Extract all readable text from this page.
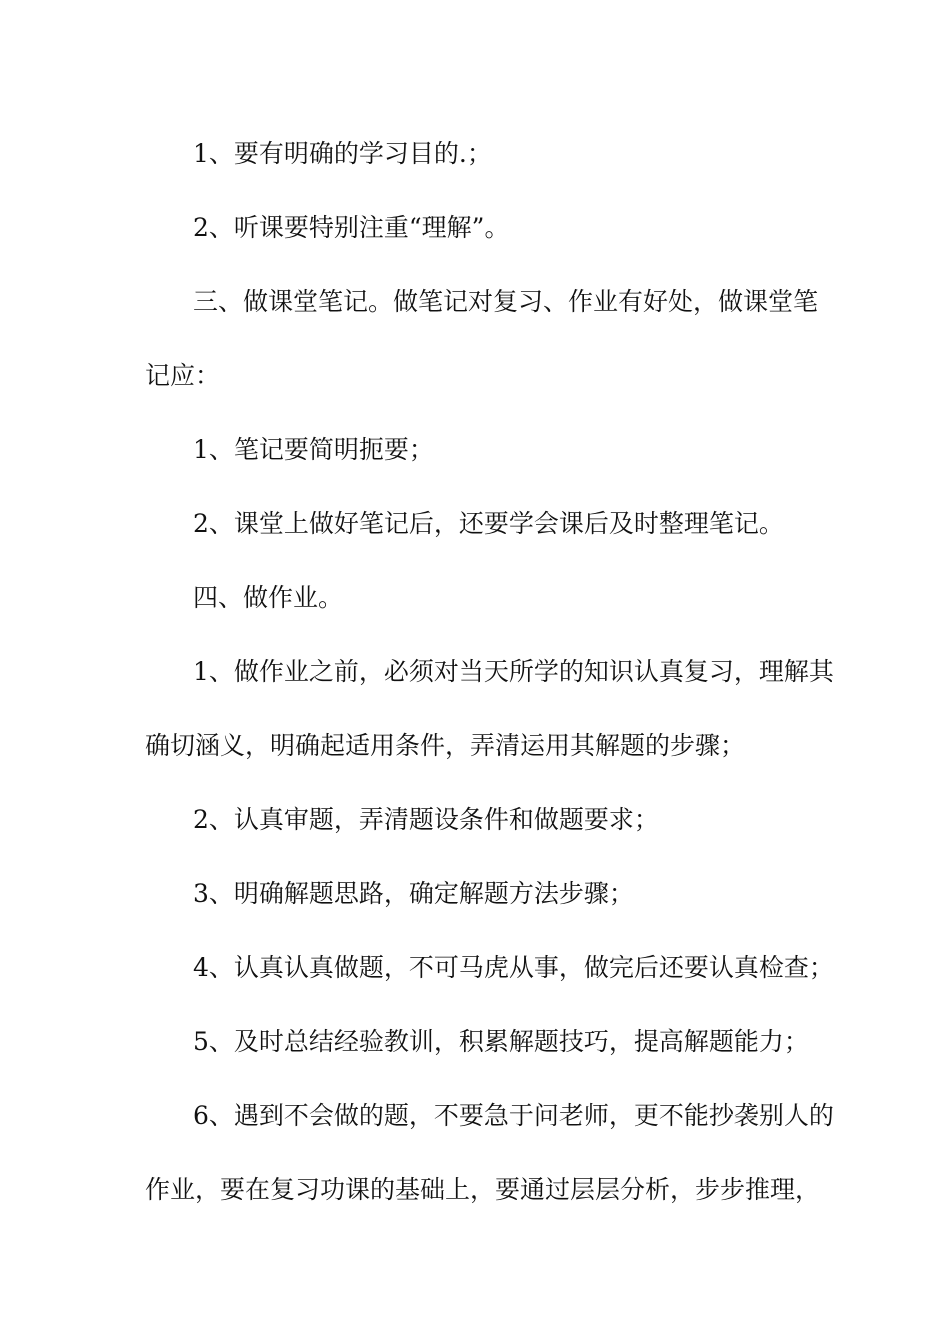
1、要有明确的学习目的.；

2、听课要特别注重“理解”。

三、做课堂笔记。做笔记对复习、作业有好处，做课堂笔

记应：

1、笔记要简明扼要；

2、课堂上做好笔记后，还要学会课后及时整理笔记。

四、做作业。

1、做作业之前，必须对当天所学的知识认真复习，理解其

确切涵义，明确起适用条件，弄清运用其解题的步骤；

2、认真审题，弄清题设条件和做题要求；

3、明确解题思路，确定解题方法步骤；

4、认真认真做题，不可马虎从事，做完后还要认真检查；

5、及时总结经验教训，积累解题技巧，提高解题能力；

6、遇到不会做的题，不要急于问老师，更不能抄袭别人的

作业，要在复习功课的基础上，要通过层层分析，步步推理，
